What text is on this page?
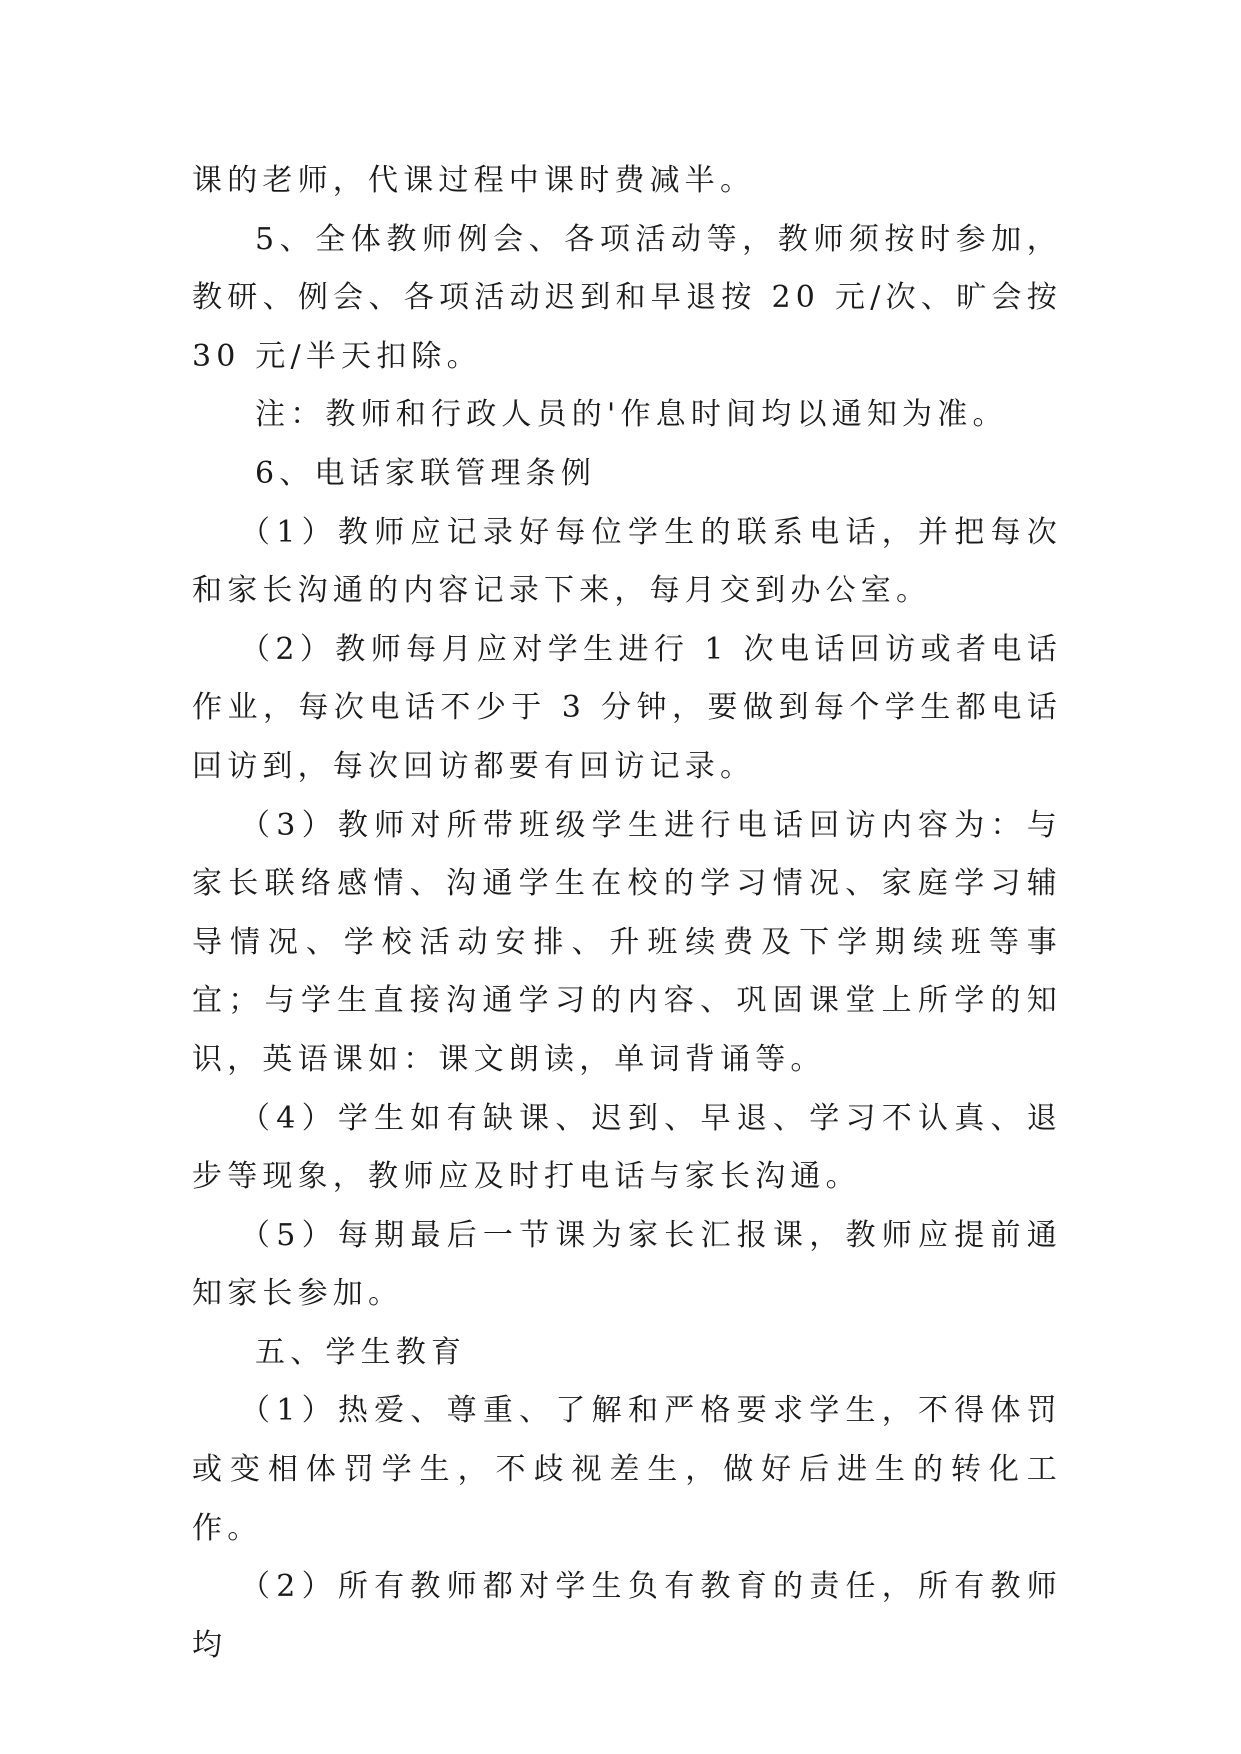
课的老师，代课过程中课时费减半。

5、全体教师例会、各项活动等，教师须按时参加，教研、例会、各项活动迟到和早退按 20 元/次、旷会按 30 元/半天扣除。

注：教师和行政人员的'作息时间均以通知为准。

6、电话家联管理条例

（1）教师应记录好每位学生的联系电话，并把每次和家长沟通的内容记录下来，每月交到办公室。

（2）教师每月应对学生进行 1 次电话回访或者电话作业，每次电话不少于 3 分钟，要做到每个学生都电话回访到，每次回访都要有回访记录。

（3）教师对所带班级学生进行电话回访内容为：与家长联络感情、沟通学生在校的学习情况、家庭学习辅导情况、学校活动安排、升班续费及下学期续班等事宜；与学生直接沟通学习的内容、巩固课堂上所学的知识，英语课如：课文朗读，单词背诵等。

（4）学生如有缺课、迟到、早退、学习不认真、退步等现象，教师应及时打电话与家长沟通。

（5）每期最后一节课为家长汇报课，教师应提前通知家长参加。

五、学生教育

（1）热爱、尊重、了解和严格要求学生，不得体罚或变相体罚学生，不歧视差生，做好后进生的转化工作。

（2）所有教师都对学生负有教育的责任，所有教师均
